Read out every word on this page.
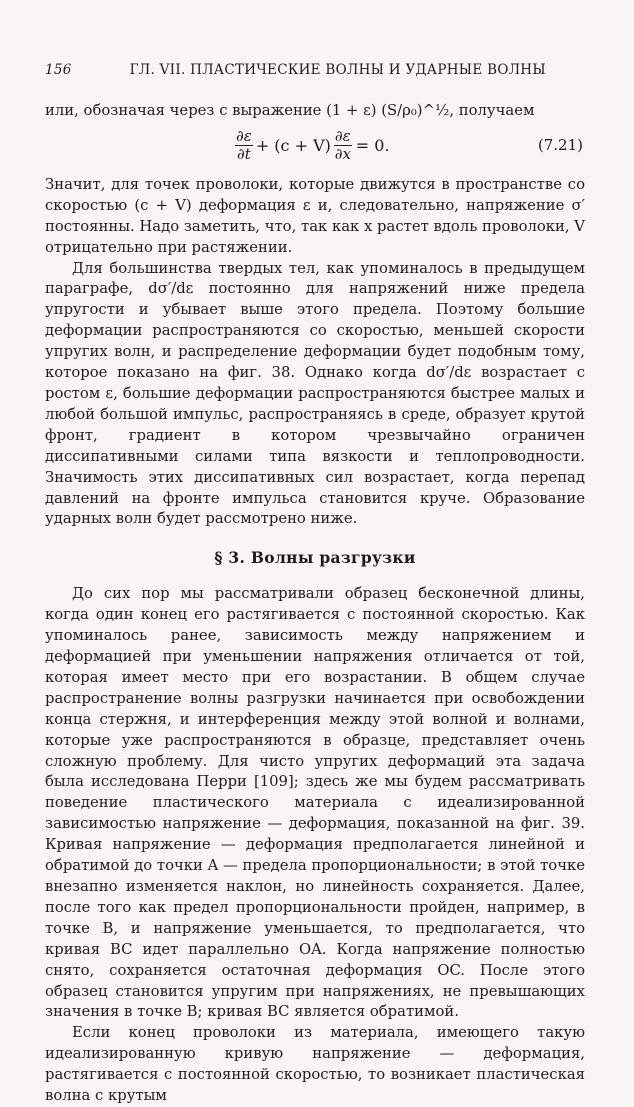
156	ГЛ. VII. ПЛАСТИЧЕСКИЕ ВОЛНЫ И УДАРНЫЕ ВОЛНЫ

или, обозначая через c выражение (1 + ε) (S/ρ₀)^½, получаем

$\frac{\partial\varepsilon}{\partial t} + (c + V) \frac{\partial\varepsilon}{\partial x} = 0$.	(7.21)

Значит, для точек проволоки, которые движутся в пространстве со скоростью (c + V) деформация ε и, следовательно, напряжение σ′ постоянны. Надо заметить, что, так как x растет вдоль проволоки, V отрицательно при растяжении.

Для большинства твердых тел, как упоминалось в предыдущем параграфе, dσ′/dε постоянно для напряжений ниже предела упругости и убывает выше этого предела. Поэтому большие деформации распространяются со скоростью, меньшей скорости упругих волн, и распределение деформации будет подобным тому, которое показано на фиг. 38. Однако когда dσ′/dε возрастает с ростом ε, большие деформации распространяются быстрее малых и любой большой импульс, распространяясь в среде, образует крутой фронт, градиент в котором чрезвычайно ограничен диссипативными силами типа вязкости и теплопроводности. Значимость этих диссипативных сил возрастает, когда перепад давлений на фронте импульса становится круче. Образование ударных волн будет рассмотрено ниже.

§ 3. Волны разгрузки

До сих пор мы рассматривали образец бесконечной длины, когда один конец его растягивается с постоянной скоростью. Как упоминалось ранее, зависимость между напряжением и деформацией при уменьшении напряжения отличается от той, которая имеет место при его возрастании. В общем случае распространение волны разгрузки начинается при освобождении конца стержня, и интерференция между этой волной и волнами, которые уже распространяются в образце, представляет очень сложную проблему. Для чисто упругих деформаций эта задача была исследована Перри [109]; здесь же мы будем рассматривать поведение пластического материала с идеализированной зависимостью напряжение — деформация, показанной на фиг. 39. Кривая напряжение — деформация предполагается линейной и обратимой до точки A — предела пропорциональности; в этой точке внезапно изменяется наклон, но линейность сохраняется. Далее, после того как предел пропорциональности пройден, например, в точке B, и напряжение уменьшается, то предполагается, что кривая BC идет параллельно OA. Когда напряжение полностью снято, сохраняется остаточная деформация OC. После этого образец становится упругим при напряжениях, не превышающих значения в точке B; кривая BC является обратимой.

Если конец проволоки из материала, имеющего такую идеализированную кривую напряжение — деформация, растягивается с постоянной скоростью, то возникает пластическая волна с крутым
